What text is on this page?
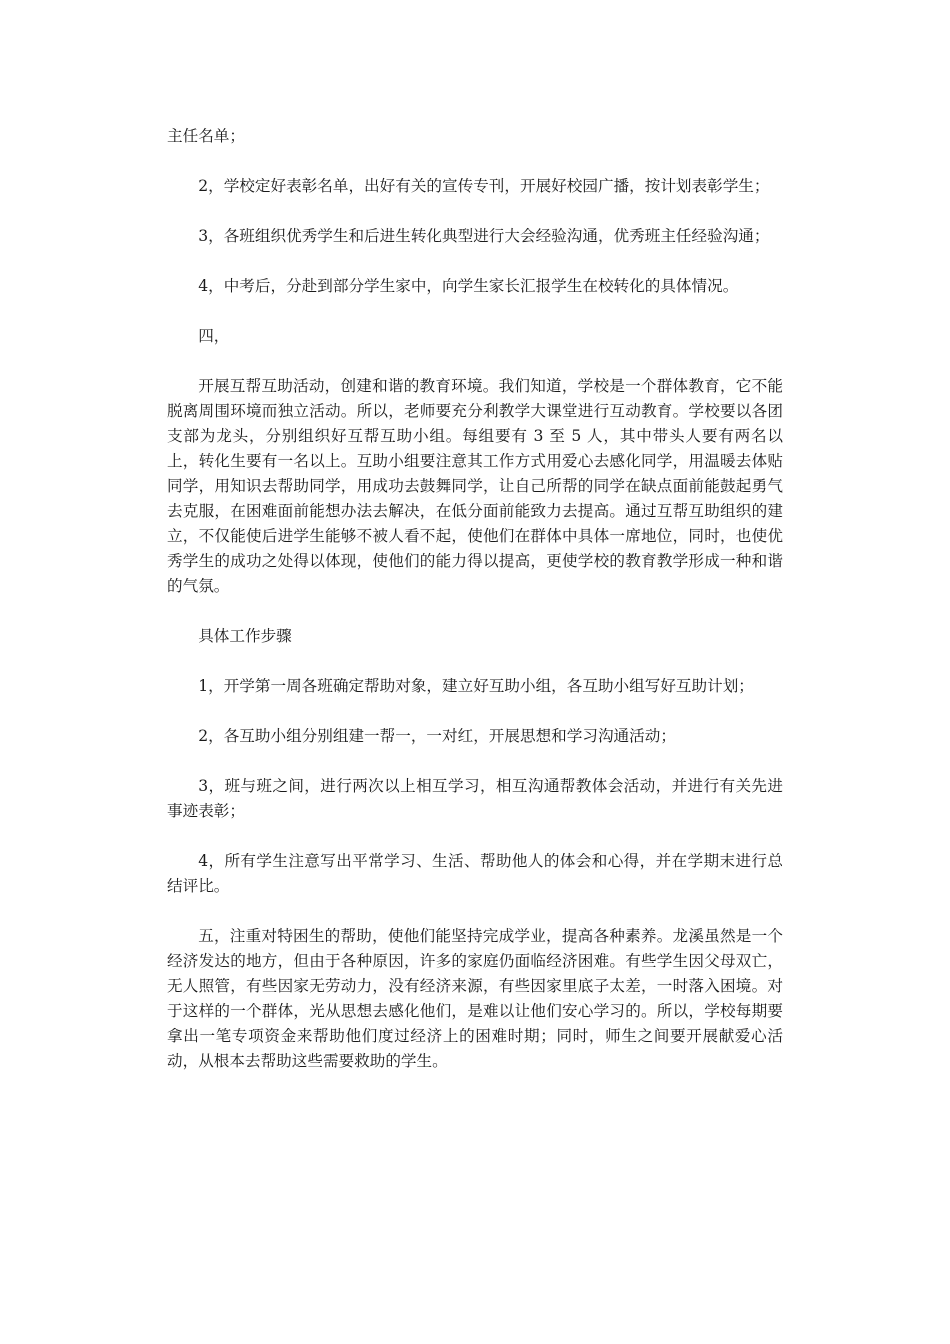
主任名单；

2，学校定好表彰名单，出好有关的宣传专刊，开展好校园广播，按计划表彰学生；

3，各班组织优秀学生和后进生转化典型进行大会经验沟通，优秀班主任经验沟通；

4，中考后，分赴到部分学生家中，向学生家长汇报学生在校转化的具体情况。

四，

开展互帮互助活动，创建和谐的教育环境。我们知道，学校是一个群体教育，它不能脱离周围环境而独立活动。所以，老师要充分利教学大课堂进行互动教育。学校要以各团支部为龙头，分别组织好互帮互助小组。每组要有 3 至 5 人，其中带头人要有两名以上，转化生要有一名以上。互助小组要注意其工作方式用爱心去感化同学，用温暖去体贴同学，用知识去帮助同学，用成功去鼓舞同学，让自己所帮的同学在缺点面前能鼓起勇气去克服，在困难面前能想办法去解决，在低分面前能致力去提高。通过互帮互助组织的建立，不仅能使后进学生能够不被人看不起，使他们在群体中具体一席地位，同时，也使优秀学生的成功之处得以体现，使他们的能力得以提高，更使学校的教育教学形成一种和谐的气氛。

具体工作步骤

1，开学第一周各班确定帮助对象，建立好互助小组，各互助小组写好互助计划；

2，各互助小组分别组建一帮一，一对红，开展思想和学习沟通活动；

3，班与班之间，进行两次以上相互学习，相互沟通帮教体会活动，并进行有关先进事迹表彰；

4，所有学生注意写出平常学习、生活、帮助他人的体会和心得，并在学期末进行总结评比。

五，注重对特困生的帮助，使他们能坚持完成学业，提高各种素养。龙溪虽然是一个经济发达的地方，但由于各种原因，许多的家庭仍面临经济困难。有些学生因父母双亡，无人照管，有些因家无劳动力，没有经济来源，有些因家里底子太差，一时落入困境。对于这样的一个群体，光从思想去感化他们，是难以让他们安心学习的。所以，学校每期要拿出一笔专项资金来帮助他们度过经济上的困难时期；同时，师生之间要开展献爱心活动，从根本去帮助这些需要救助的学生。
